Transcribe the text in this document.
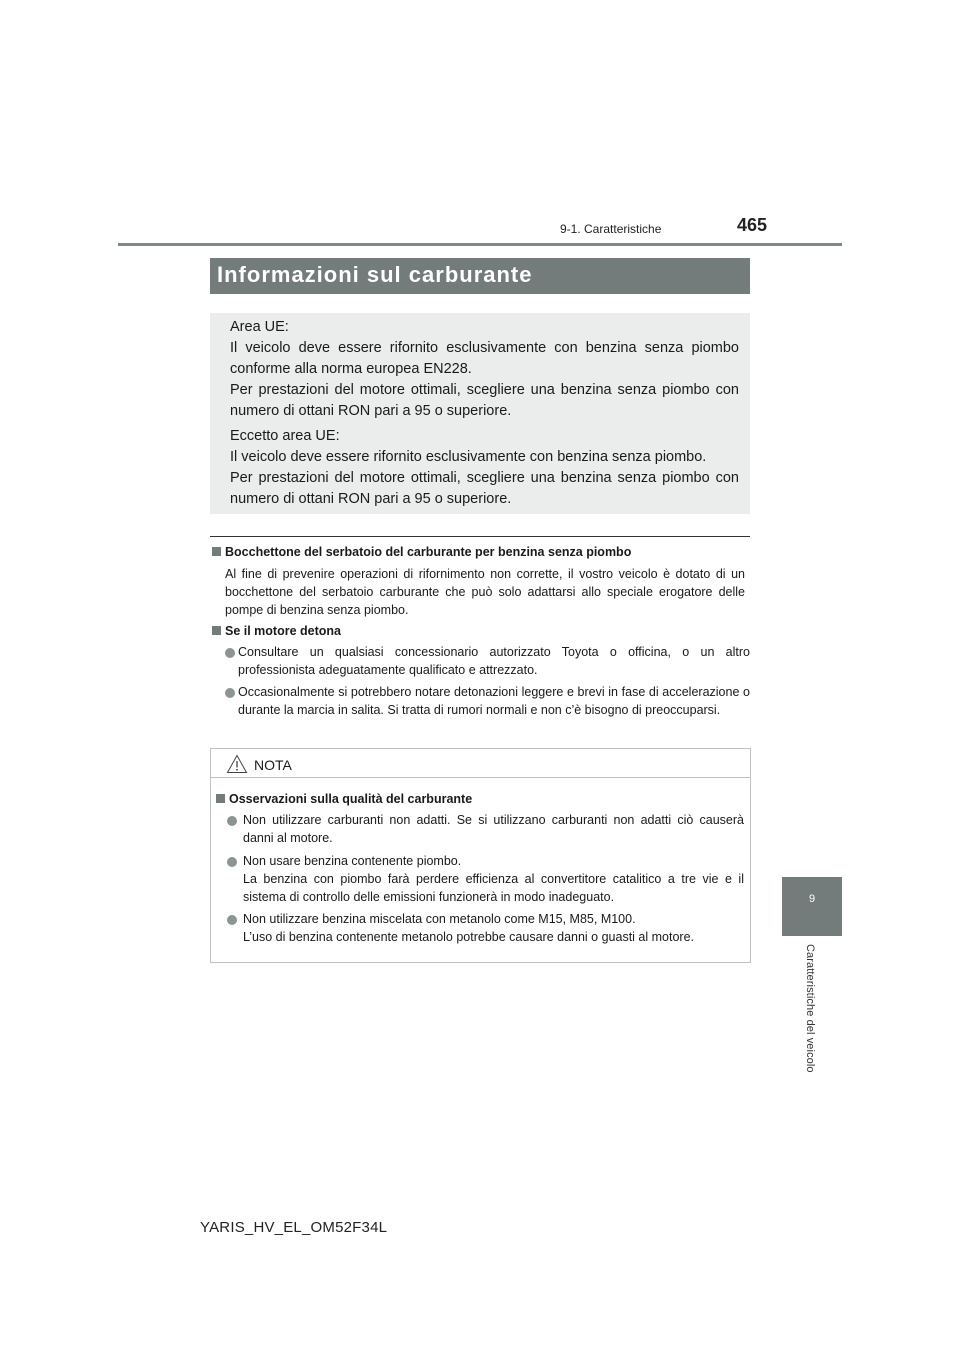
9-1. Caratteristiche	465
9
Caratteristiche del veicolo
Informazioni sul carburante

Area UE:
Il veicolo deve essere rifornito esclusivamente con benzina senza piombo conforme alla norma europea EN228.
Per prestazioni del motore ottimali, scegliere una benzina senza piombo con numero di ottani RON pari a 95 o superiore.

Eccetto area UE:
Il veicolo deve essere rifornito esclusivamente con benzina senza piombo.
Per prestazioni del motore ottimali, scegliere una benzina senza piombo con numero di ottani RON pari a 95 o superiore.

Bocchettone del serbatoio del carburante per benzina senza piombo

Al fine di prevenire operazioni di rifornimento non corrette, il vostro veicolo è dotato di un bocchettone del serbatoio carburante che può solo adattarsi allo speciale erogatore delle pompe di benzina senza piombo.

Se il motore detona

Consultare un qualsiasi concessionario autorizzato Toyota o officina, o un altro professionista adeguatamente qualificato e attrezzato.

Occasionalmente si potrebbero notare detonazioni leggere e brevi in fase di accelerazione o durante la marcia in salita. Si tratta di rumori normali e non c’è bisogno di preoccuparsi.

NOTA
Osservazioni sulla qualità del carburante

Non utilizzare carburanti non adatti. Se si utilizzano carburanti non adatti ciò causerà danni al motore.

Non usare benzina contenente piombo.
La benzina con piombo farà perdere efficienza al convertitore catalitico a tre vie e il sistema di controllo delle emissioni funzionerà in modo inadeguato.

Non utilizzare benzina miscelata con metanolo come M15, M85, M100.
L’uso di benzina contenente metanolo potrebbe causare danni o guasti al motore.

YARIS_HV_EL_OM52F34L
